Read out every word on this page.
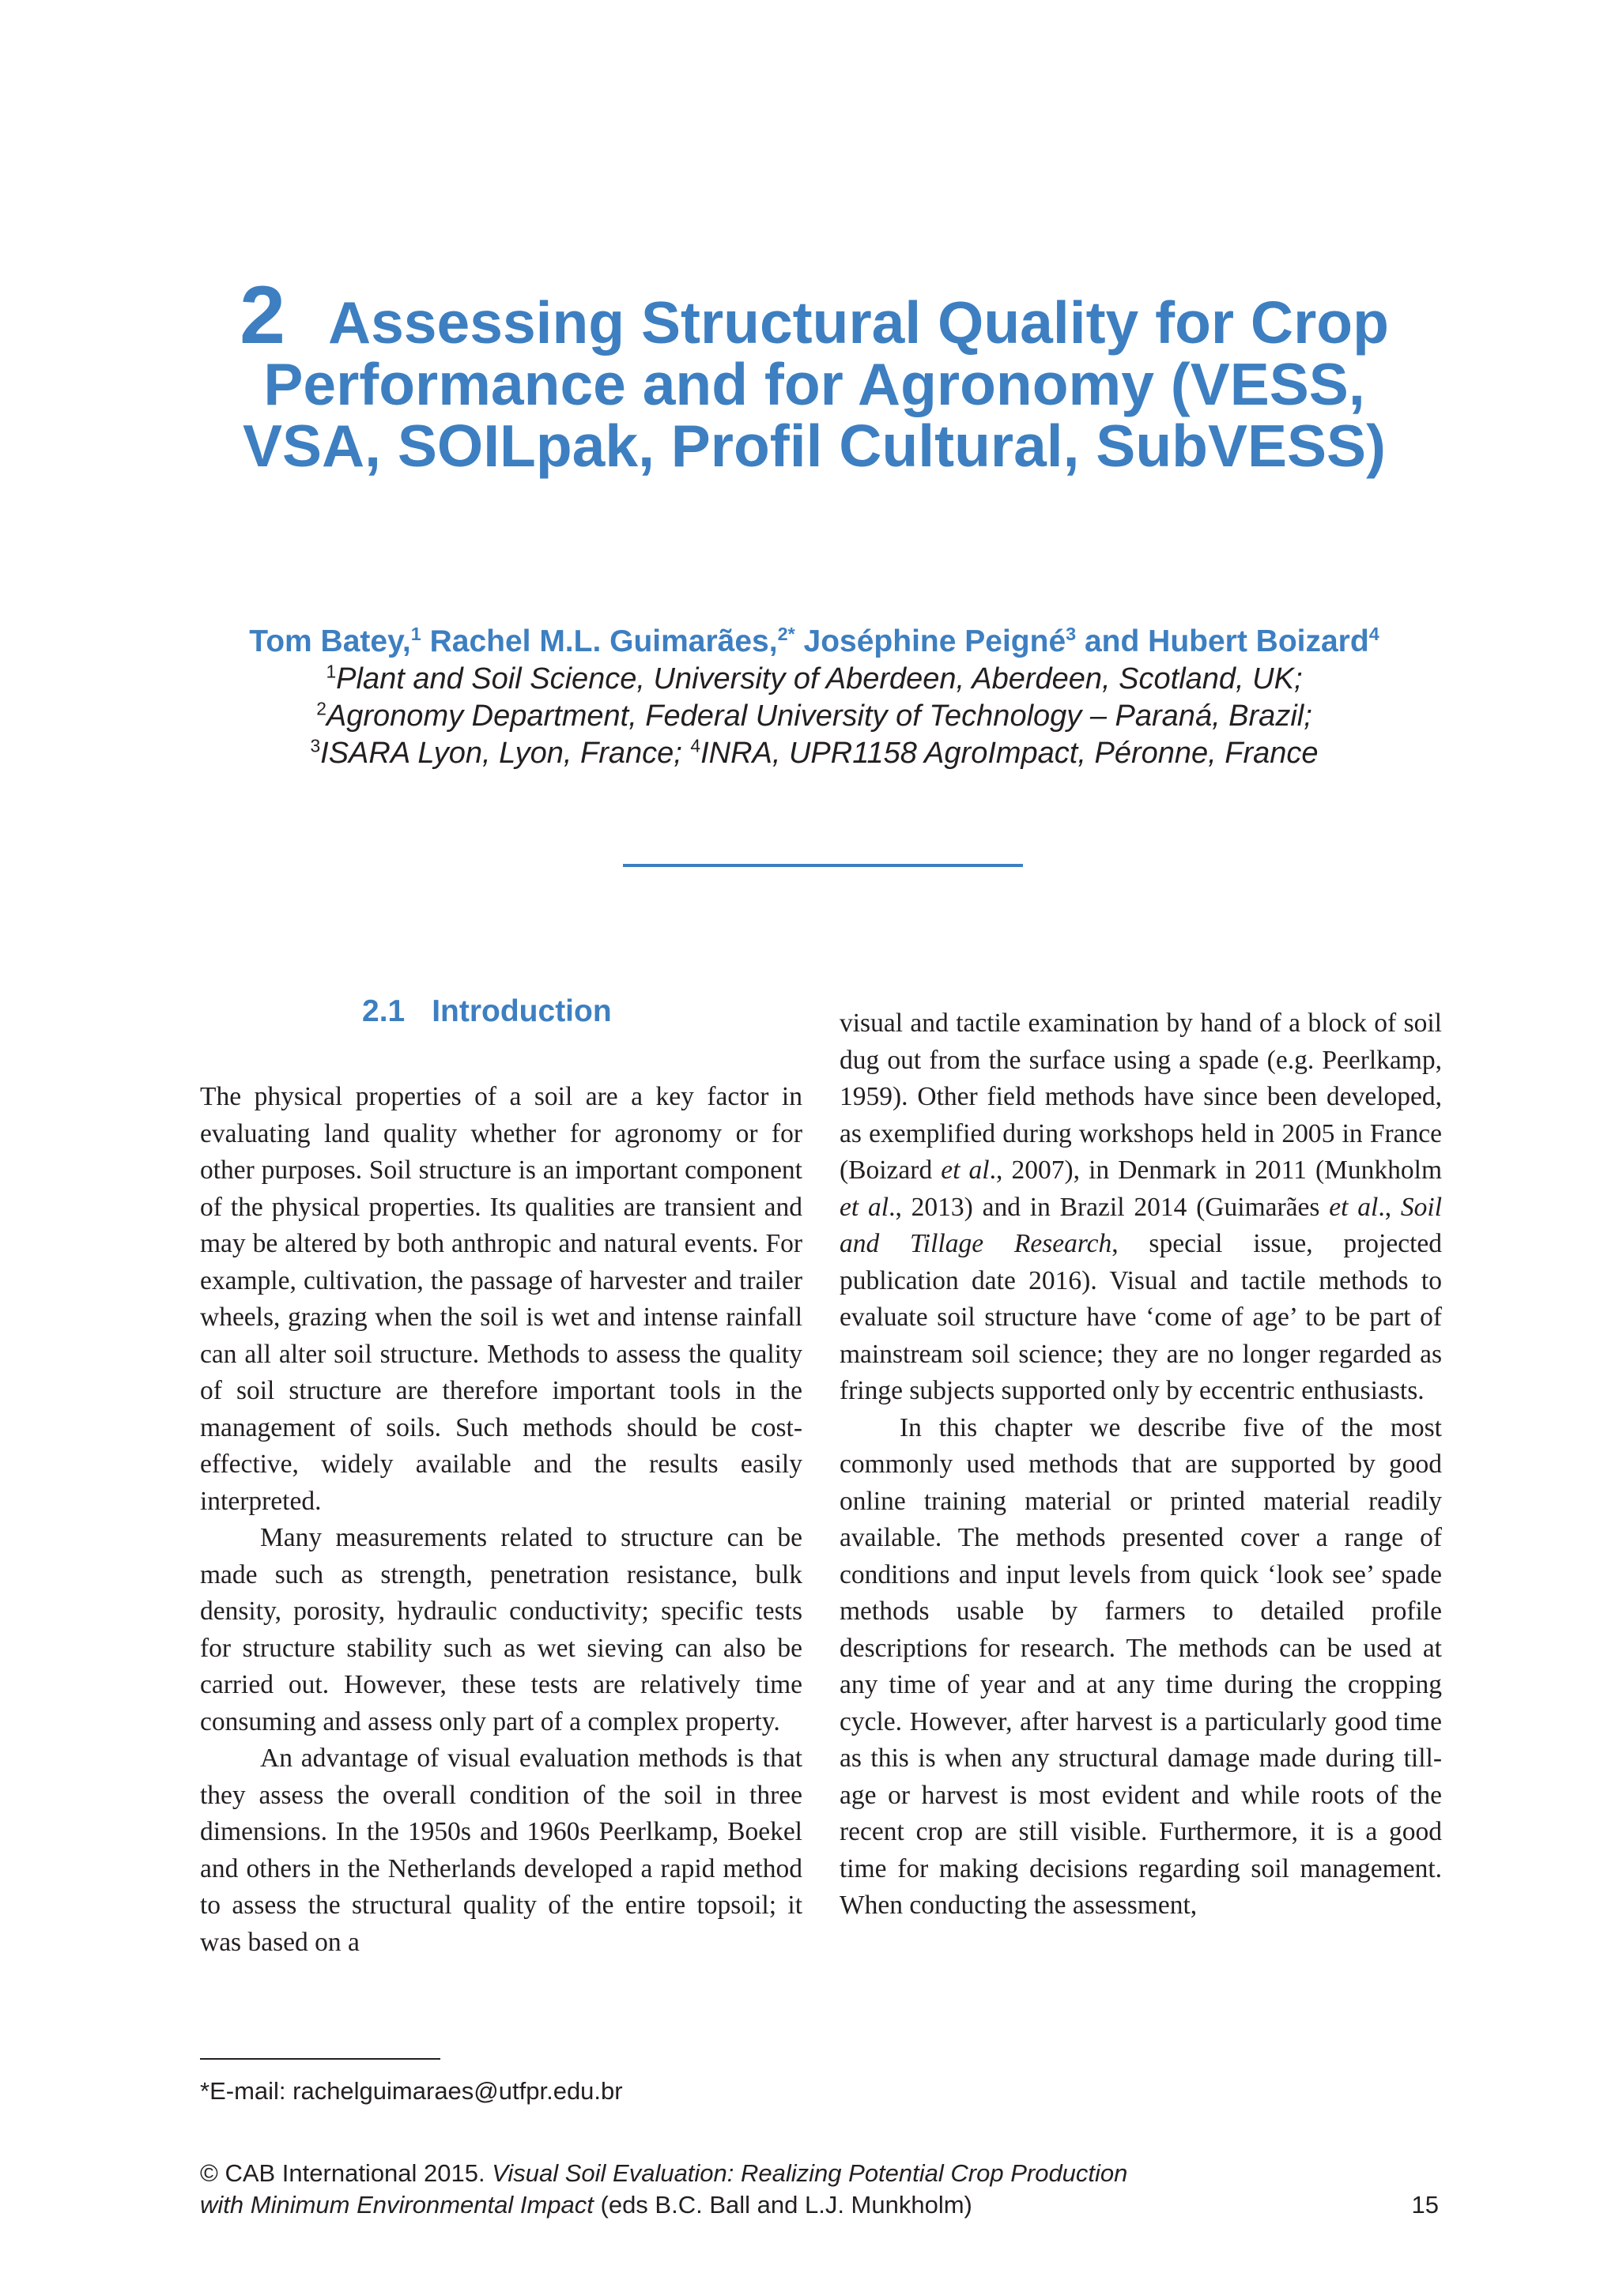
2 Assessing Structural Quality for Crop
Performance and for Agronomy (VESS,
VSA, SOILpak, Profil Cultural, SubVESS)
Tom Batey,$^1$ Rachel M.L. Guimarães,$^{2*}$ Joséphine Peigné$^3$ and Hubert Boizard$^4$
$^1$Plant and Soil Science, University of Aberdeen, Aberdeen, Scotland, UK;
$^2$Agronomy Department, Federal University of Technology – Paraná, Brazil;
$^3$ISARA Lyon, Lyon, France; $^4$INRA, UPR1158 AgroImpact, Péronne, France
2.1 Introduction

The physical properties of a soil are a key factor in evaluating land quality whether for agronomy or for other purposes. Soil structure is an important component of the physical properties. Its qualities are transient and may be altered by both anthropic and natural events. For example, cultivation, the passage of harvester and trailer wheels, grazing when the soil is wet and intense rainfall can all alter soil structure. Methods to assess the quality of soil structure are therefore important tools in the management of soils. Such methods should be cost-effective, widely available and the results easily interpreted.

Many measurements related to structure can be made such as strength, penetration resistance, bulk density, porosity, hydraulic conductivity; specific tests for structure stability such as wet sieving can also be carried out. However, these tests are relatively time consuming and assess only part of a complex property.

An advantage of visual evaluation methods is that they assess the overall condition of the soil in three dimensions. In the 1950s and 1960s Peerlkamp, Boekel and others in the Netherlands developed a rapid method to assess the structural quality of the entire topsoil; it was based on a

visual and tactile examination by hand of a block of soil dug out from the surface using a spade (e.g. Peerlkamp, 1959). Other field methods have since been developed, as exemplified during workshops held in 2005 in France (Boizard et al., 2007), in Denmark in 2011 (Munkholm et al., 2013) and in Brazil 2014 (Guimarães et al., Soil and Tillage Research, special issue, projected publication date 2016). Visual and tactile methods to evaluate soil structure have ‘come of age’ to be part of mainstream soil science; they are no longer regarded as fringe subjects supported only by eccentric enthusiasts.

In this chapter we describe five of the most commonly used methods that are supported by good online training material or printed material readily available. The methods presented cover a range of conditions and input levels from quick ‘look see’ spade methods usable by farmers to detailed profile descriptions for research. The methods can be used at any time of year and at any time during the cropping cycle. However, after harvest is a particularly good time as this is when any structural damage made during tillage or harvest is most evident and while roots of the recent crop are still visible. Furthermore, it is a good time for making decisions regarding soil management. When conducting the assessment,

*E-mail: rachelguimaraes@utfpr.edu.br
© CAB International 2015. Visual Soil Evaluation: Realizing Potential Crop Production
with Minimum Environmental Impact (eds B.C. Ball and L.J. Munkholm)	15
